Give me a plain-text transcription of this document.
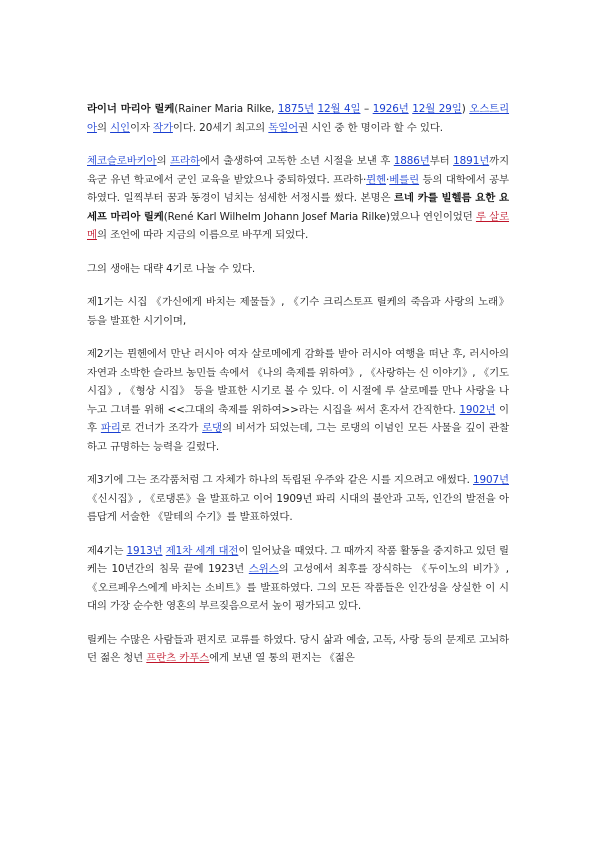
라이너 마리아 릴케(Rainer Maria Rilke, 1875년 12월 4일 – 1926년 12월 29일) 오스트리아의 시인이자 작가이다. 20세기 최고의 독일어권 시인 중 한 명이라 할 수 있다.

체코슬로바키아의 프라하에서 출생하여 고독한 소년 시절을 보낸 후 1886년부터 1891년까지 육군 유년 학교에서 군인 교육을 받았으나 중퇴하였다. 프라하·뮌헨·베를린 등의 대학에서 공부하였다. 일찍부터 꿈과 동경이 넘치는 섬세한 서정시를 썼다. 본명은 르네 카를 빌헬름 요한 요세프 마리아 릴케(René Karl Wilhelm Johann Josef Maria Rilke)였으나 연인이었던 루 살로메의 조언에 따라 지금의 이름으로 바꾸게 되었다.

그의 생애는 대략 4기로 나눌 수 있다.

제1기는 시집 《가신에게 바치는 제물들》, 《기수 크리스토프 릴케의 죽음과 사랑의 노래》 등을 발표한 시기이며,

제2기는 뮌헨에서 만난 러시아 여자 살로메에게 감화를 받아 러시아 여행을 떠난 후, 러시아의 자연과 소박한 슬라브 농민들 속에서 《나의 축제를 위하여》, 《사랑하는 신 이야기》, 《기도 시집》, 《형상 시집》 등을 발표한 시기로 볼 수 있다. 이 시절에 루 살로메를 만나 사랑을 나누고 그녀를 위해 <<그대의 축제를 위하여>>라는 시집을 써서 혼자서 간직한다. 1902년 이후 파리로 건너가 조각가 로댕의 비서가 되었는데, 그는 로댕의 이념인 모든 사물을 깊이 관찰하고 규명하는 능력을 길렀다.

제3기에 그는 조각품처럼 그 자체가 하나의 독립된 우주와 같은 시를 지으려고 애썼다. 1907년 《신시집》, 《로댕론》을 발표하고 이어 1909년 파리 시대의 불안과 고독, 인간의 발전을 아름답게 서술한 《말테의 수기》를 발표하였다.

제4기는 1913년 제1차 세계 대전이 일어났을 때였다. 그 때까지 작품 활동을 중지하고 있던 릴케는 10년간의 침묵 끝에 1923년 스위스의 고성에서 최후를 장식하는 《두이노의 비가》, 《오르페우스에게 바치는 소비트》를 발표하였다. 그의 모든 작품들은 인간성을 상실한 이 시대의 가장 순수한 영혼의 부르짖음으로서 높이 평가되고 있다.

릴케는 수많은 사람들과 편지로 교류를 하였다. 당시 삶과 예술, 고독, 사랑 등의 문제로 고뇌하던 젊은 청년 프란츠 카푸스에게 보낸 열 통의 편지는 《젊은
